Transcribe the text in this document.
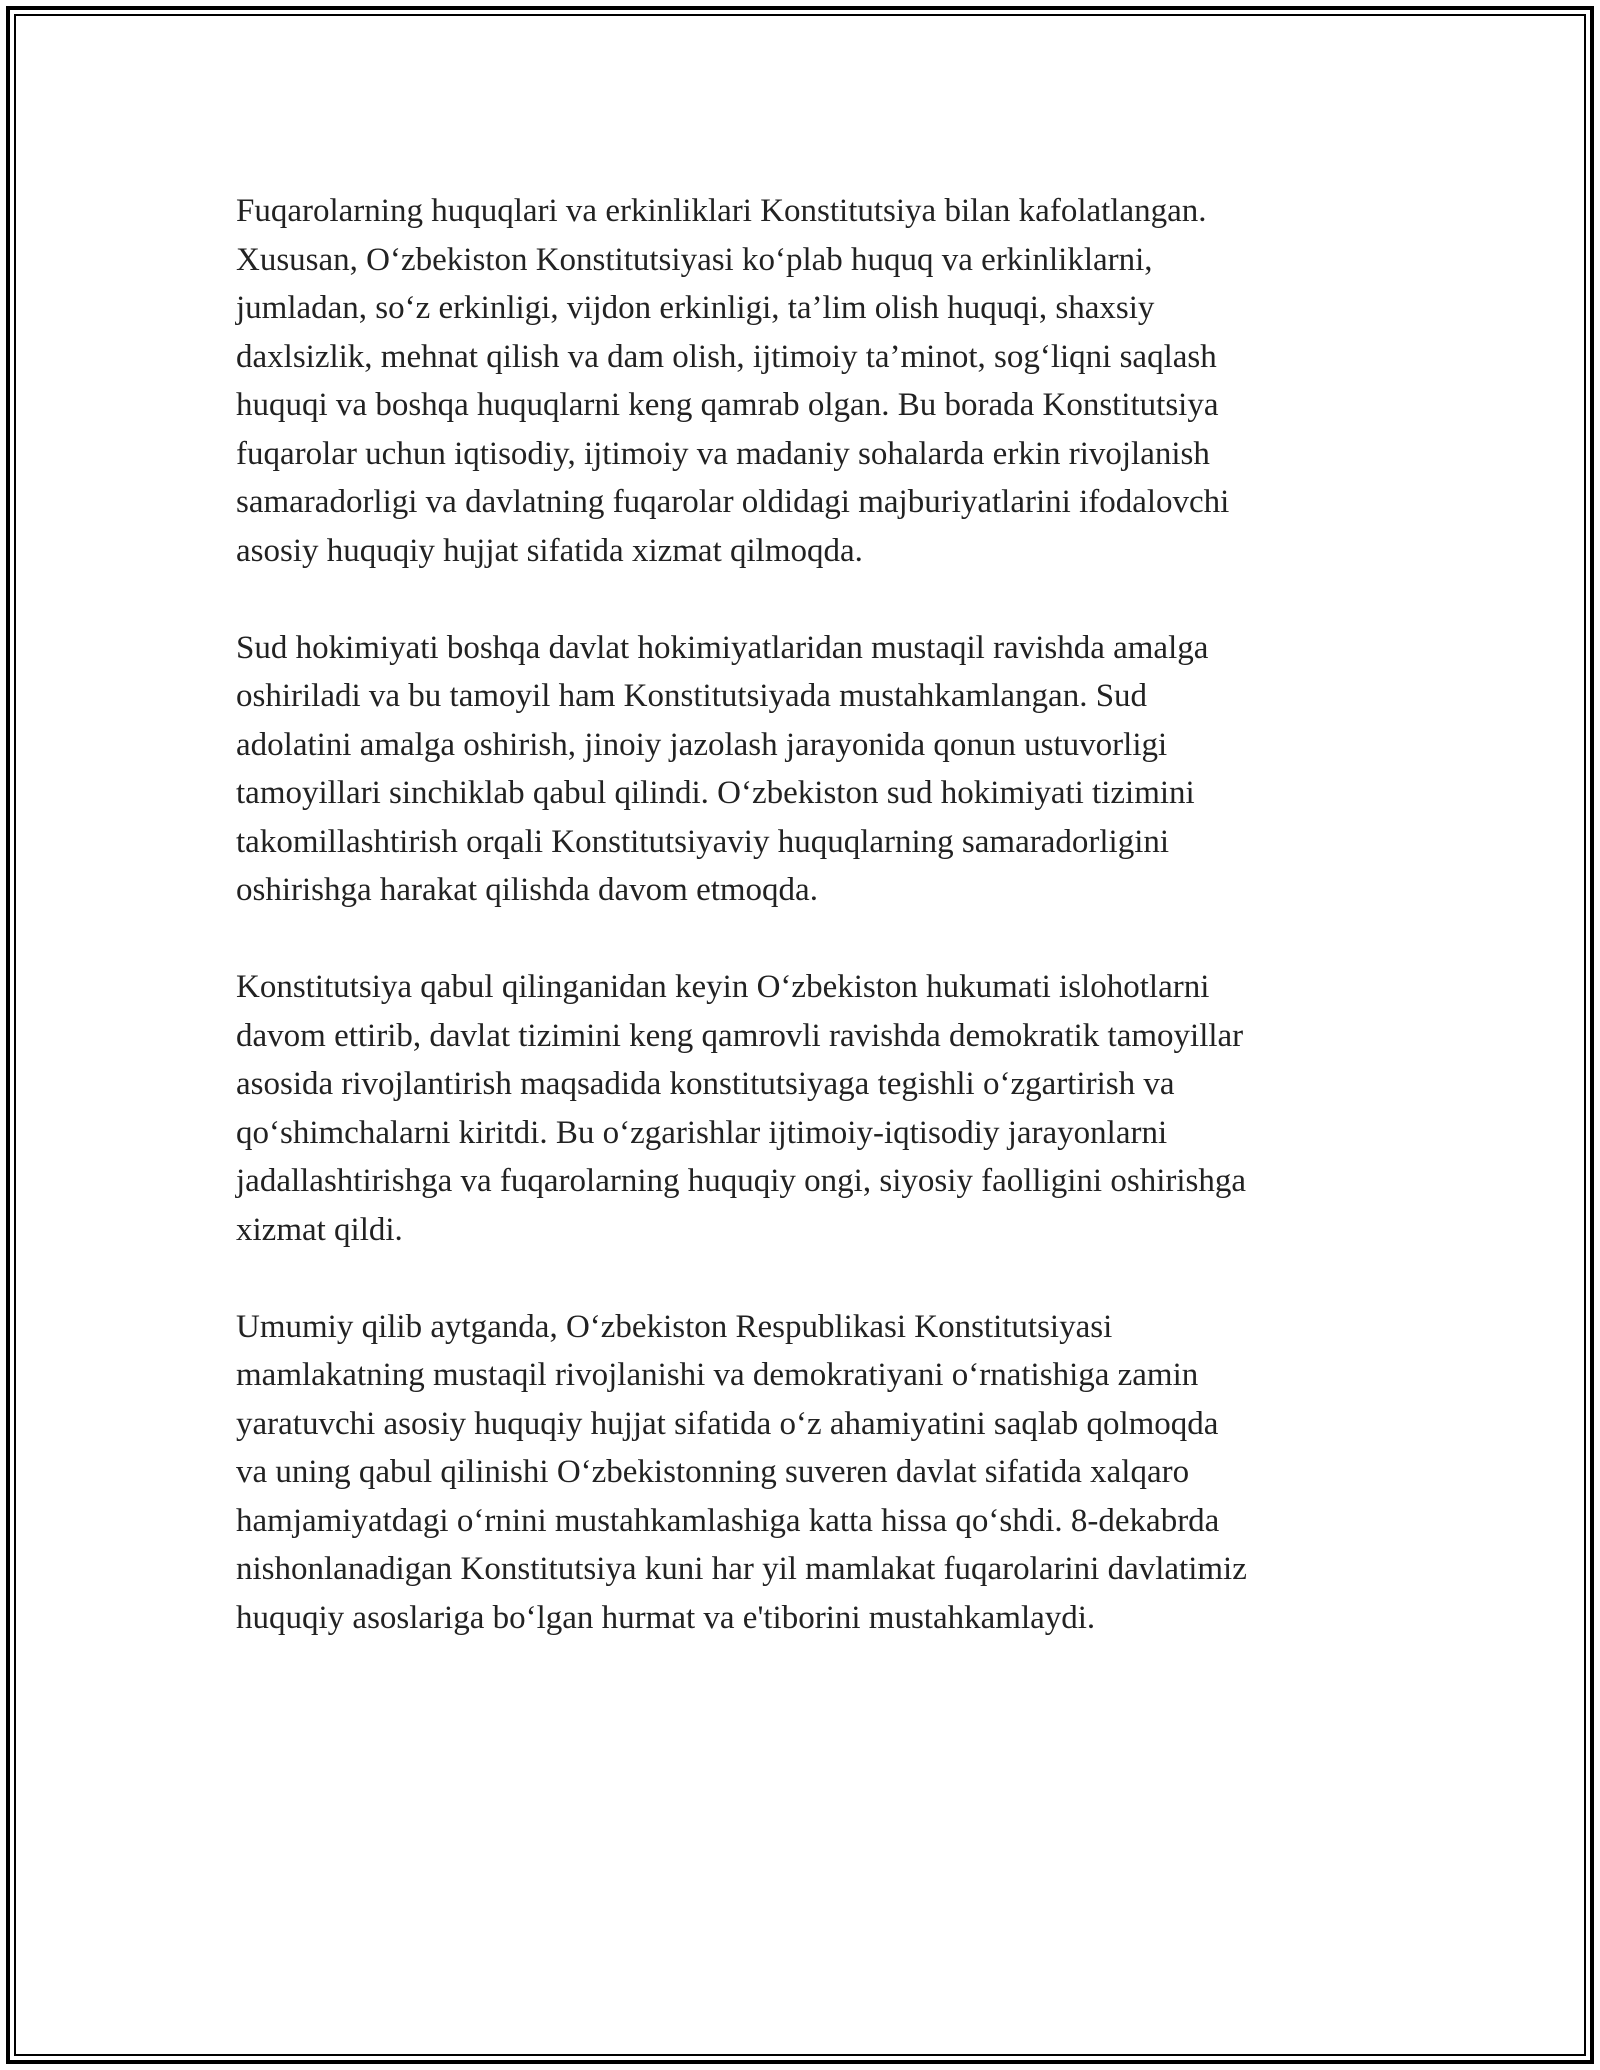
Fuqarolarning huquqlari va erkinliklari Konstitutsiya bilan kafolatlangan.
Xususan, O‘zbekiston Konstitutsiyasi ko‘plab huquq va erkinliklarni,
jumladan, so‘z erkinligi, vijdon erkinligi, ta’lim olish huquqi, shaxsiy
daxlsizlik, mehnat qilish va dam olish, ijtimoiy ta’minot, sog‘liqni saqlash
huquqi va boshqa huquqlarni keng qamrab olgan. Bu borada Konstitutsiya
fuqarolar uchun iqtisodiy, ijtimoiy va madaniy sohalarda erkin rivojlanish
samaradorligi va davlatning fuqarolar oldidagi majburiyatlarini ifodalovchi
asosiy huquqiy hujjat sifatida xizmat qilmoqda.

Sud hokimiyati boshqa davlat hokimiyatlaridan mustaqil ravishda amalga
oshiriladi va bu tamoyil ham Konstitutsiyada mustahkamlangan. Sud
adolatini amalga oshirish, jinoiy jazolash jarayonida qonun ustuvorligi
tamoyillari sinchiklab qabul qilindi. O‘zbekiston sud hokimiyati tizimini
takomillashtirish orqali Konstitutsiyaviy huquqlarning samaradorligini
oshirishga harakat qilishda davom etmoqda.

Konstitutsiya qabul qilinganidan keyin O‘zbekiston hukumati islohotlarni
davom ettirib, davlat tizimini keng qamrovli ravishda demokratik tamoyillar
asosida rivojlantirish maqsadida konstitutsiyaga tegishli o‘zgartirish va
qo‘shimchalarni kiritdi. Bu o‘zgarishlar ijtimoiy-iqtisodiy jarayonlarni
jadallashtirishga va fuqarolarning huquqiy ongi, siyosiy faolligini oshirishga
xizmat qildi.

Umumiy qilib aytganda, O‘zbekiston Respublikasi Konstitutsiyasi
mamlakatning mustaqil rivojlanishi va demokratiyani o‘rnatishiga zamin
yaratuvchi asosiy huquqiy hujjat sifatida o‘z ahamiyatini saqlab qolmoqda
va uning qabul qilinishi O‘zbekistonning suveren davlat sifatida xalqaro
hamjamiyatdagi o‘rnini mustahkamlashiga katta hissa qo‘shdi. 8-dekabrda
nishonlanadigan Konstitutsiya kuni har yil mamlakat fuqarolarini davlatimiz
huquqiy asoslariga bo‘lgan hurmat va e'tiborini mustahkamlaydi.
